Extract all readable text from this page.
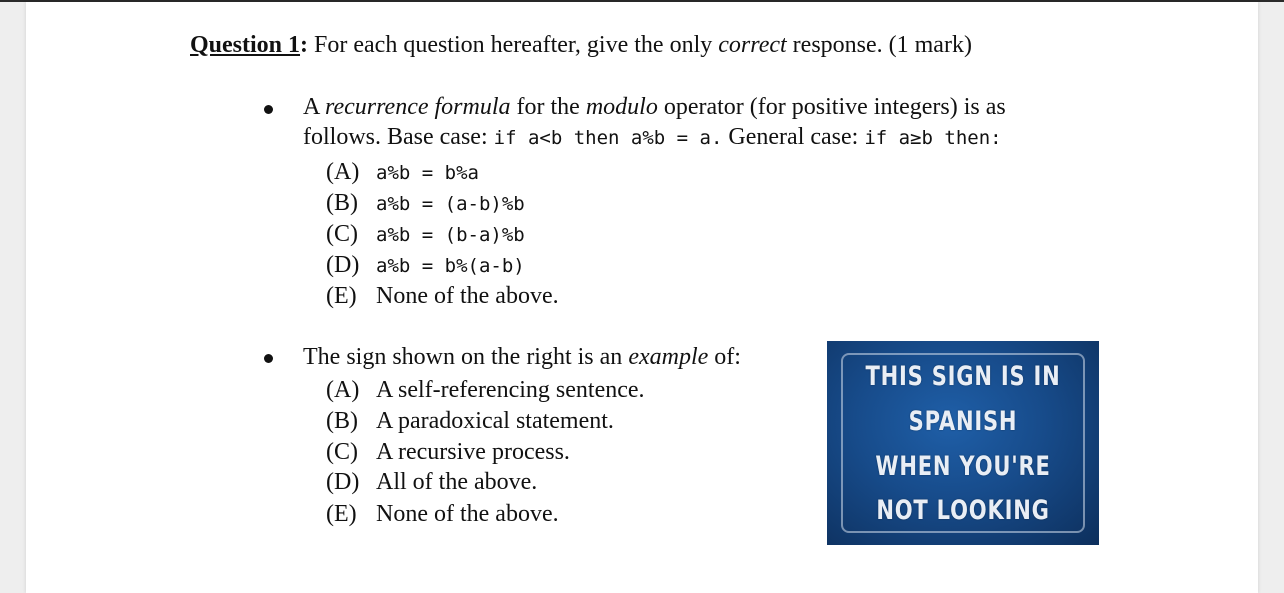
Question 1: For each question hereafter, give the only correct response. (1 mark)
A recurrence formula for the modulo operator (for positive integers) is as
follows. Base case: if a<b then a%b = a. General case: if a≥b then:
(A) a%b = b%a
(B) a%b = (a-b)%b
(C) a%b = (b-a)%b
(D) a%b = b%(a-b)
(E) None of the above.
The sign shown on the right is an example of:
(A) A self-referencing sentence.
(B) A paradoxical statement.
(C) A recursive process.
(D) All of the above.
(E) None of the above.
THIS SIGN IS IN
SPANISH
WHEN YOU'RE
NOT LOOKING
